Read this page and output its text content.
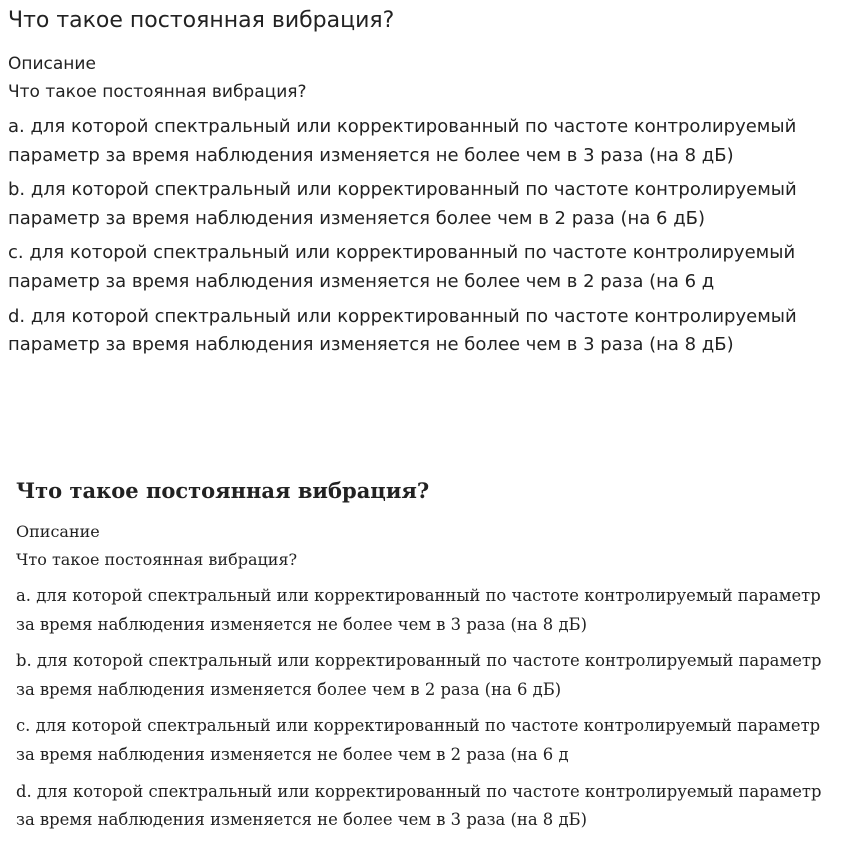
Что такое постоянная вибрация?

Описание

Что такое постоянная вибрация?

a. для которой спектральный или корректированный по частоте контролируемый параметр за время наблюдения изменяется не более чем в 3 раза (на 8 дБ)

b. для которой спектральный или корректированный по частоте контролируемый параметр за время наблюдения изменяется более чем в 2 раза (на 6 дБ)

c. для которой спектральный или корректированный по частоте контролируемый параметр за время наблюдения изменяется не более чем в 2 раза (на 6 д

d. для которой спектральный или корректированный по частоте контролируемый параметр за время наблюдения изменяется не более чем в 3 раза (на 8 дБ)

Что такое постоянная вибрация?

Описание

Что такое постоянная вибрация?

a. для которой спектральный или корректированный по частоте контролируемый параметр за время наблюдения изменяется не более чем в 3 раза (на 8 дБ)

b. для которой спектральный или корректированный по частоте контролируемый параметр за время наблюдения изменяется более чем в 2 раза (на 6 дБ)

c. для которой спектральный или корректированный по частоте контролируемый параметр за время наблюдения изменяется не более чем в 2 раза (на 6 д

d. для которой спектральный или корректированный по частоте контролируемый параметр за время наблюдения изменяется не более чем в 3 раза (на 8 дБ)
